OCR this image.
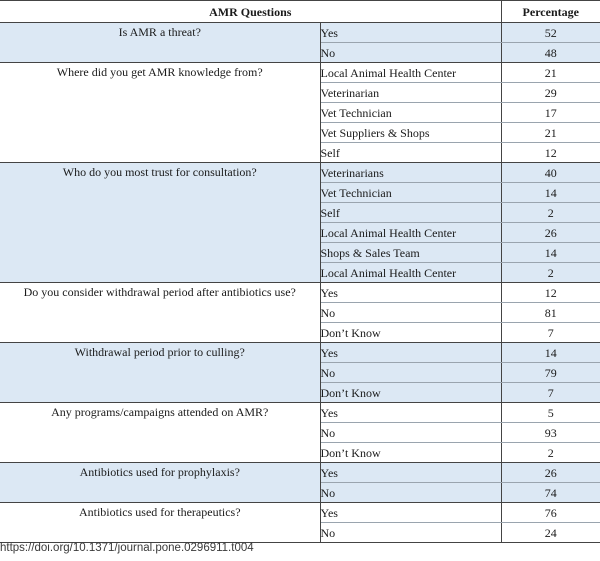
AMR Questions		Percentage
Is AMR a threat?	Yes	52
	No	48
Where did you get AMR knowledge from?	Local Animal Health Center	21
	Veterinarian	29
	Vet Technician	17
	Vet Suppliers & Shops	21
	Self	12
Who do you most trust for consultation?	Veterinarians	40
	Vet Technician	14
	Self	2
	Local Animal Health Center	26
	Shops & Sales Team	14
	Local Animal Health Center	2
Do you consider withdrawal period after antibiotics use?	Yes	12
	No	81
	Don’t Know	7
Withdrawal period prior to culling?	Yes	14
	No	79
	Don’t Know	7
Any programs/campaigns attended on AMR?	Yes	5
	No	93
	Don’t Know	2
Antibiotics used for prophylaxis?	Yes	26
	No	74
Antibiotics used for therapeutics?	Yes	76
	No	24
https://doi.org/10.1371/journal.pone.0296911.t004
